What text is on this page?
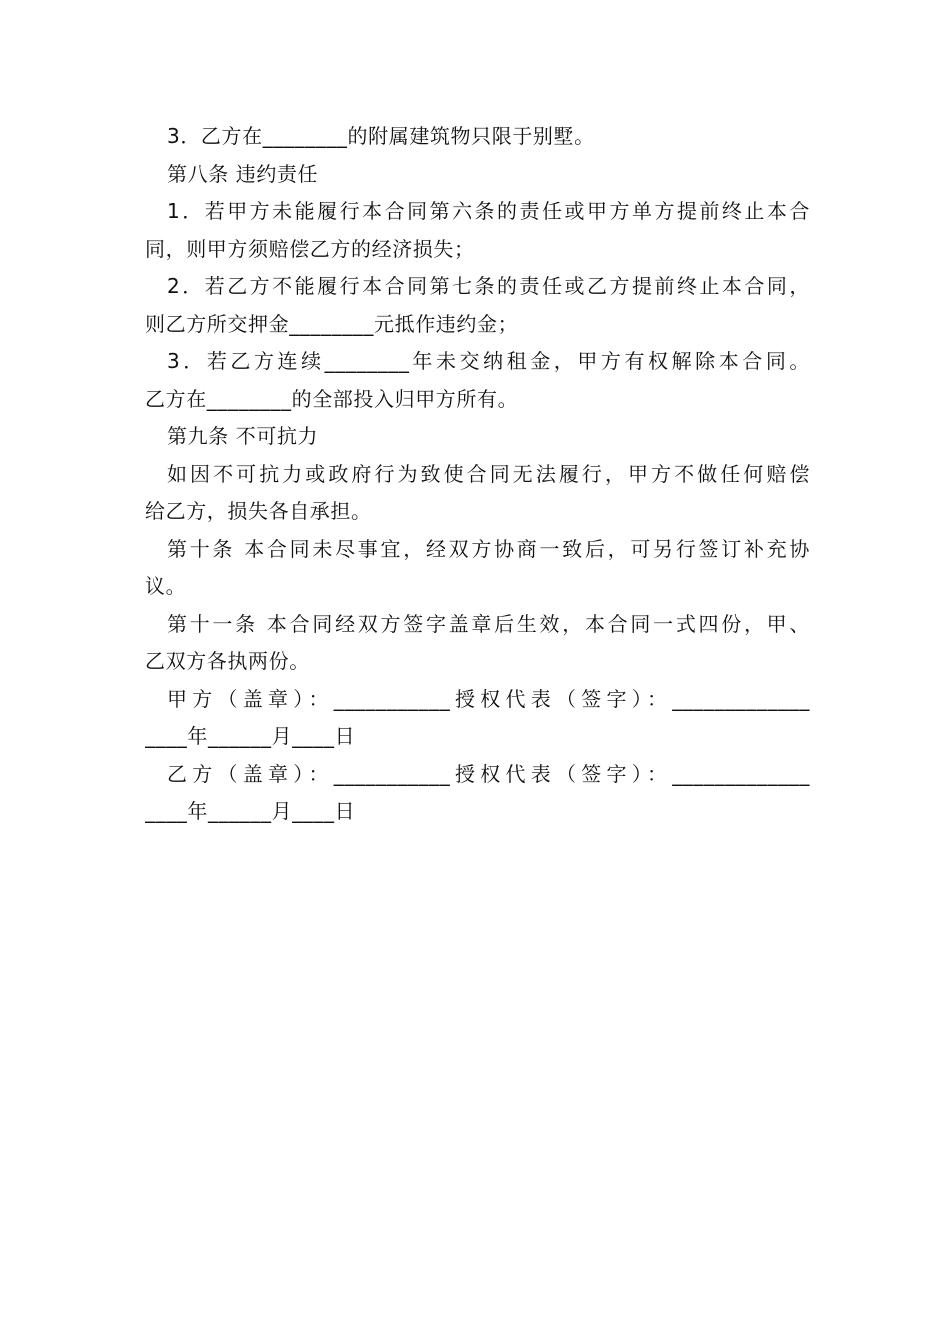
3．乙方在________的附属建筑物只限于别墅。
第八条 违约责任
1．若甲方未能履行本合同第六条的责任或甲方单方提前终止本合
同，则甲方须赔偿乙方的经济损失；
2．若乙方不能履行本合同第七条的责任或乙方提前终止本合同，
则乙方所交押金________元抵作违约金；
3．若乙方连续________年未交纳租金，甲方有权解除本合同。
乙方在________的全部投入归甲方所有。
第九条 不可抗力
如因不可抗力或政府行为致使合同无法履行，甲方不做任何赔偿
给乙方，损失各自承担。
第十条 本合同未尽事宜，经双方协商一致后，可另行签订补充协
议。
第十一条 本合同经双方签字盖章后生效，本合同一式四份，甲、
乙双方各执两份。
甲方（盖章）：___________授权代表（签字）：_____________
____年______月____日
乙方（盖章）：___________授权代表（签字）：_____________
____年______月____日
